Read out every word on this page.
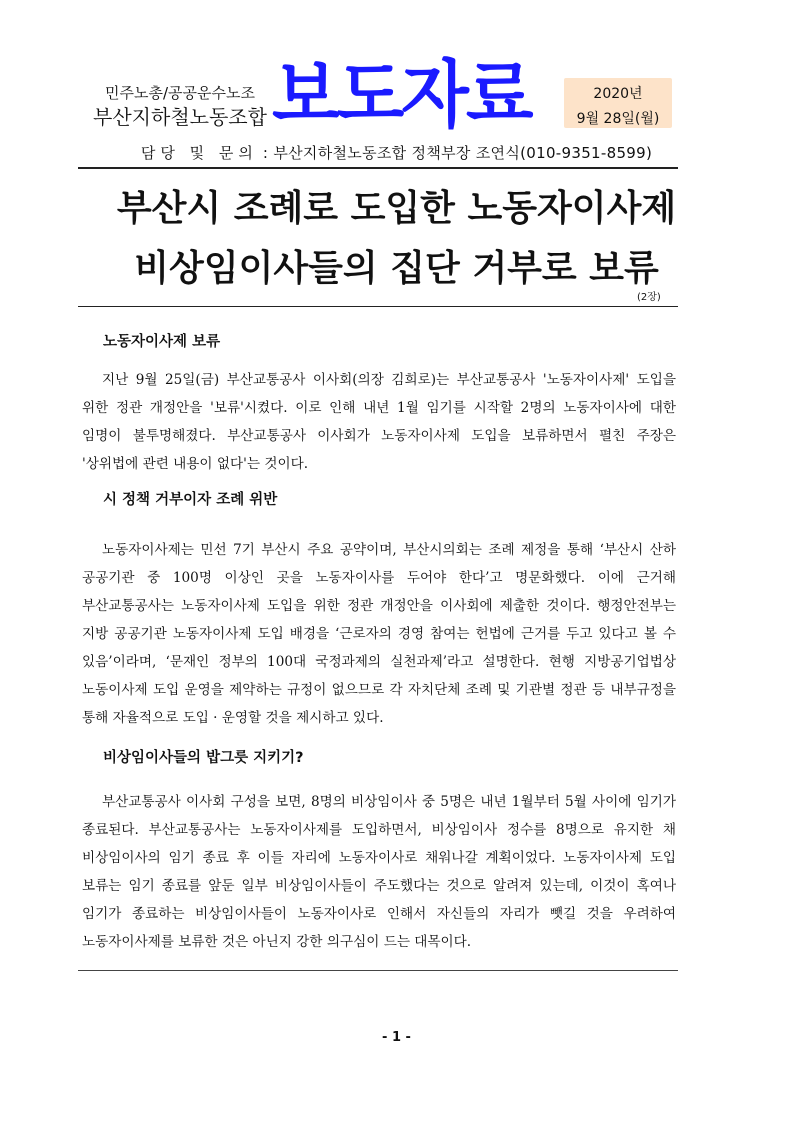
민주노총/공공운수노조
부산지하철노동조합 보도자료	2020년
9월 28일(월)
담당 및 문의 : 부산지하철노동조합 정책부장 조연식(010-9351-8599)
부산시 조례로 도입한 노동자이사제
비상임이사들의 집단 거부로 보류
(2장)
노동자이사제 보류
지난 9월 25일(금) 부산교통공사 이사회(의장 김희로)는 부산교통공사 '노동자이사제' 도입을 위한 정관 개정안을 '보류'시켰다. 이로 인해 내년 1월 임기를 시작할 2명의 노동자이사에 대한 임명이 불투명해졌다. 부산교통공사 이사회가 노동자이사제 도입을 보류하면서 펼친 주장은 '상위법에 관련 내용이 없다'는 것이다.
시 정책 거부이자 조례 위반
노동자이사제는 민선 7기 부산시 주요 공약이며, 부산시의회는 조례 제정을 통해 ‘부산시 산하 공공기관 중 100명 이상인 곳을 노동자이사를 두어야 한다’고 명문화했다. 이에 근거해 부산교통공사는 노동자이사제 도입을 위한 정관 개정안을 이사회에 제출한 것이다. 행정안전부는 지방 공공기관 노동자이사제 도입 배경을 ‘근로자의 경영 참여는 헌법에 근거를 두고 있다고 볼 수 있음’이라며, ‘문재인 정부의 100대 국정과제의 실천과제’라고 설명한다. 현행 지방공기업법상 노동이사제 도입 운영을 제약하는 규정이 없으므로 각 자치단체 조례 및 기관별 정관 등 내부규정을 통해 자율적으로 도입 · 운영할 것을 제시하고 있다.
비상임이사들의 밥그릇 지키기?
부산교통공사 이사회 구성을 보면, 8명의 비상임이사 중 5명은 내년 1월부터 5월 사이에 임기가 종료된다. 부산교통공사는 노동자이사제를 도입하면서, 비상임이사 정수를 8명으로 유지한 채 비상임이사의 임기 종료 후 이들 자리에 노동자이사로 채워나갈 계획이었다. 노동자이사제 도입 보류는 임기 종료를 앞둔 일부 비상임이사들이 주도했다는 것으로 알려져 있는데, 이것이 혹여나 임기가 종료하는 비상임이사들이 노동자이사로 인해서 자신들의 자리가 뺏길 것을 우려하여 노동자이사제를 보류한 것은 아닌지 강한 의구심이 드는 대목이다.
- 1 -
